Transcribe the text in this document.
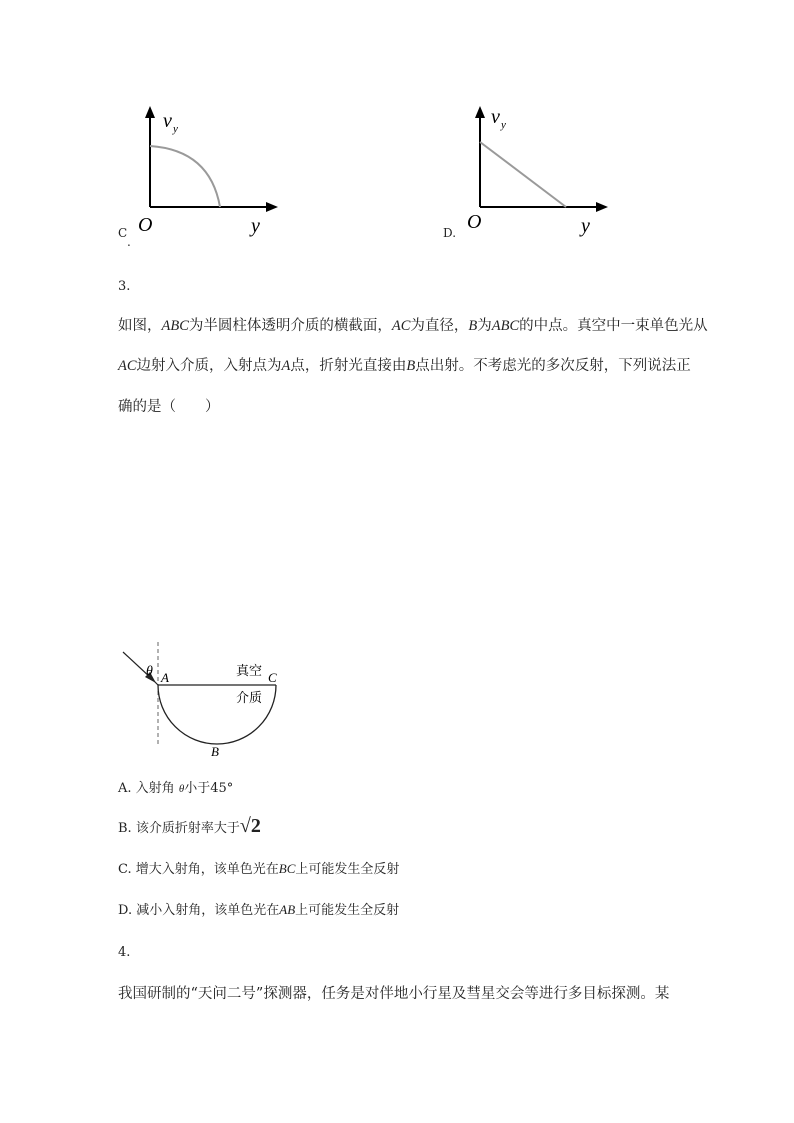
v y
O	y
C
.
v y
O	y
D.
3.
如图，ABC为半圆柱体透明介质的横截面，AC为直径，B为ABC的中点。真空中一束单色光从
AC边射入介质，入射点为A点，折射光直接由B点出射。不考虑光的多次反射，下列说法正
确的是（　　）
θ A	C
B
真空
介质
A. 入射角 θ小于45°
B. 该介质折射率大于√2
C. 增大入射角，该单色光在BC上可能发生全反射
D. 减小入射角，该单色光在AB上可能发生全反射
4.
我国研制的“天问二号”探测器，任务是对伴地小行星及彗星交会等进行多目标探测。某
